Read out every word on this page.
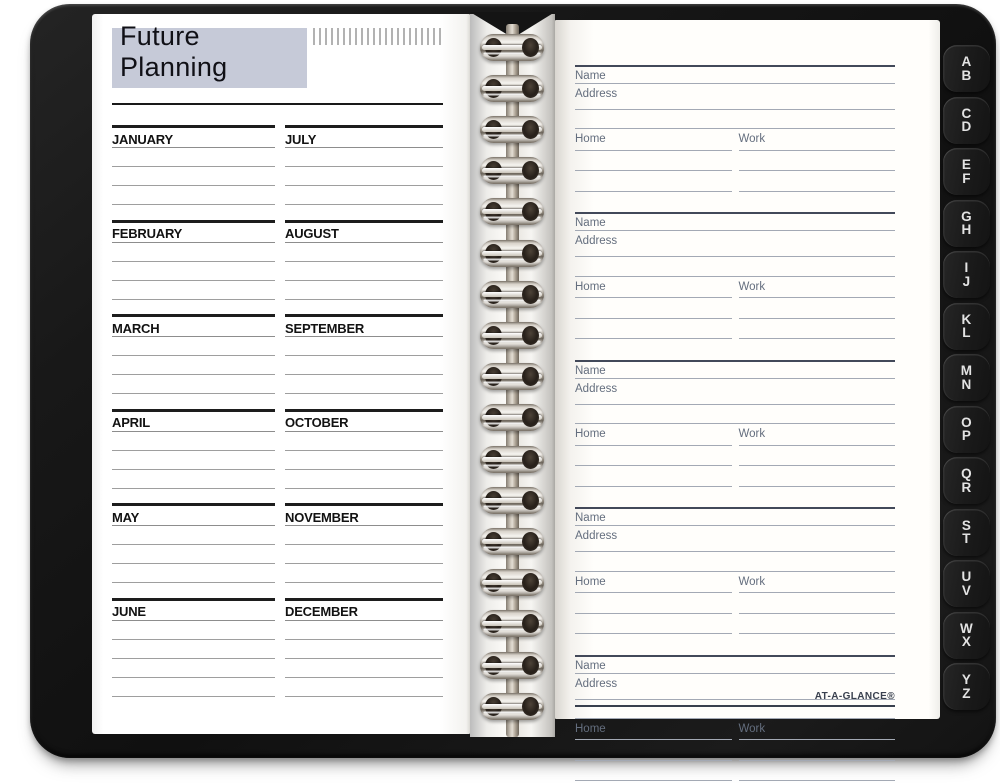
Future Planning
JANUARY
FEBRUARY
MARCH
APRIL
MAY
JUNE
JULY
AUGUST
SEPTEMBER
OCTOBER
NOVEMBER
DECEMBER
Name
Address
Home	Work
Name
Address
Home	Work
Name
Address
Home	Work
Name
Address
Home	Work
Name
Address
Home	Work
AT-A-GLANCE®
A
B
C
D
E
F
G
H
I
J
K
L
M
N
O
P
Q
R
S
T
U
V
W
X
Y
Z
